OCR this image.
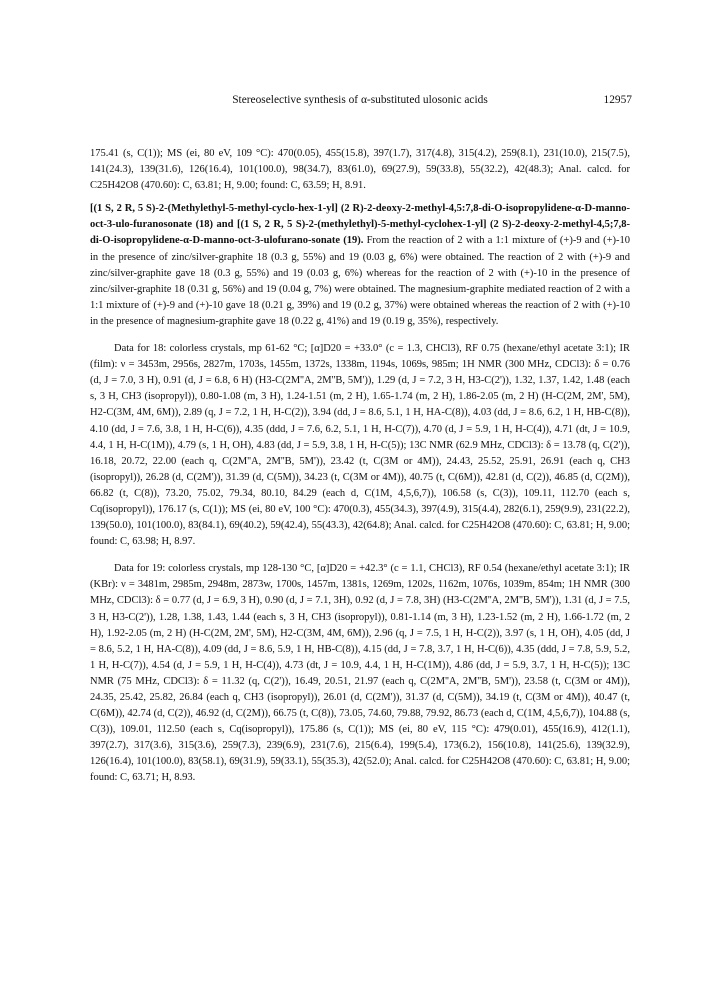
Stereoselective synthesis of α-substituted ulosonic acids	12957

175.41 (s, C(1)); MS (ei, 80 eV, 109 °C): 470(0.05), 455(15.8), 397(1.7), 317(4.8), 315(4.2), 259(8.1), 231(10.0), 215(7.5), 141(24.3), 139(31.6), 126(16.4), 101(100.0), 98(34.7), 83(61.0), 69(27.9), 59(33.8), 55(32.2), 42(48.3); Anal. calcd. for C25H42O8 (470.60): C, 63.81; H, 9.00; found: C, 63.59; H, 8.91.

[(1 S, 2 R, 5 S)-2-(Methylethyl-5-methyl-cyclo-hex-1-yl] (2 R)-2-deoxy-2-methyl-4,5:7,8-di-O-isopropylidene-α-D-manno-oct-3-ulo-furanosonate (18) and [(1 S, 2 R, 5 S)-2-(methylethyl)-5-methyl-cyclohex-1-yl] (2 S)-2-deoxy-2-methyl-4,5;7,8-di-O-isopropylidene-α-D-manno-oct-3-ulofurano-sonate (19). From the reaction of 2 with a 1:1 mixture of (+)-9 and (+)-10 in the presence of zinc/silver-graphite 18 (0.3 g, 55%) and 19 (0.03 g, 6%) were obtained. The reaction of 2 with (+)-9 and zinc/silver-graphite gave 18 (0.3 g, 55%) and 19 (0.03 g, 6%) whereas for the reaction of 2 with (+)-10 in the presence of zinc/silver-graphite 18 (0.31 g, 56%) and 19 (0.04 g, 7%) were obtained. The magnesium-graphite mediated reaction of 2 with a 1:1 mixture of (+)-9 and (+)-10 gave 18 (0.21 g, 39%) and 19 (0.2 g, 37%) were obtained whereas the reaction of 2 with (+)-10 in the presence of magnesium-graphite gave 18 (0.22 g, 41%) and 19 (0.19 g, 35%), respectively.

Data for 18: colorless crystals, mp 61-62 °C; [α]D20 = +33.0° (c = 1.3, CHCl3), RF 0.75 (hexane/ethyl acetate 3:1); IR (film): ν = 3453m, 2956s, 2827m, 1703s, 1455m, 1372s, 1338m, 1194s, 1069s, 985m; 1H NMR (300 MHz, CDCl3): δ = 0.76 (d, J = 7.0, 3 H), 0.91 (d, J = 6.8, 6 H) (H3-C(2M''A, 2M''B, 5M')), 1.29 (d, J = 7.2, 3 H, H3-C(2')), 1.32, 1.37, 1.42, 1.48 (each s, 3 H, CH3 (isopropyl)), 0.80-1.08 (m, 3 H), 1.24-1.51 (m, 2 H), 1.65-1.74 (m, 2 H), 1.86-2.05 (m, 2 H) (H-C(2M, 2M', 5M), H2-C(3M, 4M, 6M)), 2.89 (q, J = 7.2, 1 H, H-C(2)), 3.94 (dd, J = 8.6, 5.1, 1 H, HA-C(8)), 4.03 (dd, J = 8.6, 6.2, 1 H, HB-C(8)), 4.10 (dd, J = 7.6, 3.8, 1 H, H-C(6)), 4.35 (ddd, J = 7.6, 6.2, 5.1, 1 H, H-C(7)), 4.70 (d, J = 5.9, 1 H, H-C(4)), 4.71 (dt, J = 10.9, 4.4, 1 H, H-C(1M)), 4.79 (s, 1 H, OH), 4.83 (dd, J = 5.9, 3.8, 1 H, H-C(5)); 13C NMR (62.9 MHz, CDCl3): δ = 13.78 (q, C(2')), 16.18, 20.72, 22.00 (each q, C(2M''A, 2M''B, 5M')), 23.42 (t, C(3M or 4M)), 24.43, 25.52, 25.91, 26.91 (each q, CH3 (isopropyl)), 26.28 (d, C(2M')), 31.39 (d, C(5M)), 34.23 (t, C(3M or 4M)), 40.75 (t, C(6M)), 42.81 (d, C(2)), 46.85 (d, C(2M)), 66.82 (t, C(8)), 73.20, 75.02, 79.34, 80.10, 84.29 (each d, C(1M, 4,5,6,7)), 106.58 (s, C(3)), 109.11, 112.70 (each s, Cq(isopropyl)), 176.17 (s, C(1)); MS (ei, 80 eV, 100 °C): 470(0.3), 455(34.3), 397(4.9), 315(4.4), 282(6.1), 259(9.9), 231(22.2), 139(50.0), 101(100.0), 83(84.1), 69(40.2), 59(42.4), 55(43.3), 42(64.8); Anal. calcd. for C25H42O8 (470.60): C, 63.81; H, 9.00; found: C, 63.98; H, 8.97.

Data for 19: colorless crystals, mp 128-130 °C, [α]D20 = +42.3° (c = 1.1, CHCl3), RF 0.54 (hexane/ethyl acetate 3:1); IR (KBr): ν = 3481m, 2985m, 2948m, 2873w, 1700s, 1457m, 1381s, 1269m, 1202s, 1162m, 1076s, 1039m, 854m; 1H NMR (300 MHz, CDCl3): δ = 0.77 (d, J = 6.9, 3 H), 0.90 (d, J = 7.1, 3H), 0.92 (d, J = 7.8, 3H) (H3-C(2M''A, 2M''B, 5M')), 1.31 (d, J = 7.5, 3 H, H3-C(2')), 1.28, 1.38, 1.43, 1.44 (each s, 3 H, CH3 (isopropyl)), 0.81-1.14 (m, 3 H), 1.23-1.52 (m, 2 H), 1.66-1.72 (m, 2 H), 1.92-2.05 (m, 2 H) (H-C(2M, 2M', 5M), H2-C(3M, 4M, 6M)), 2.96 (q, J = 7.5, 1 H, H-C(2)), 3.97 (s, 1 H, OH), 4.05 (dd, J = 8.6, 5.2, 1 H, HA-C(8)), 4.09 (dd, J = 8.6, 5.9, 1 H, HB-C(8)), 4.15 (dd, J = 7.8, 3.7, 1 H, H-C(6)), 4.35 (ddd, J = 7.8, 5.9, 5.2, 1 H, H-C(7)), 4.54 (d, J = 5.9, 1 H, H-C(4)), 4.73 (dt, J = 10.9, 4.4, 1 H, H-C(1M)), 4.86 (dd, J = 5.9, 3.7, 1 H, H-C(5)); 13C NMR (75 MHz, CDCl3): δ = 11.32 (q, C(2')), 16.49, 20.51, 21.97 (each q, C(2M''A, 2M''B, 5M')), 23.58 (t, C(3M or 4M)), 24.35, 25.42, 25.82, 26.84 (each q, CH3 (isopropyl)), 26.01 (d, C(2M')), 31.37 (d, C(5M)), 34.19 (t, C(3M or 4M)), 40.47 (t, C(6M)), 42.74 (d, C(2)), 46.92 (d, C(2M)), 66.75 (t, C(8)), 73.05, 74.60, 79.88, 79.92, 86.73 (each d, C(1M, 4,5,6,7)), 104.88 (s, C(3)), 109.01, 112.50 (each s, Cq(isopropyl)), 175.86 (s, C(1)); MS (ei, 80 eV, 115 °C): 479(0.01), 455(16.9), 412(1.1), 397(2.7), 317(3.6), 315(3.6), 259(7.3), 239(6.9), 231(7.6), 215(6.4), 199(5.4), 173(6.2), 156(10.8), 141(25.6), 139(32.9), 126(16.4), 101(100.0), 83(58.1), 69(31.9), 59(33.1), 55(35.3), 42(52.0); Anal. calcd. for C25H42O8 (470.60): C, 63.81; H, 9.00; found: C, 63.71; H, 8.93.
